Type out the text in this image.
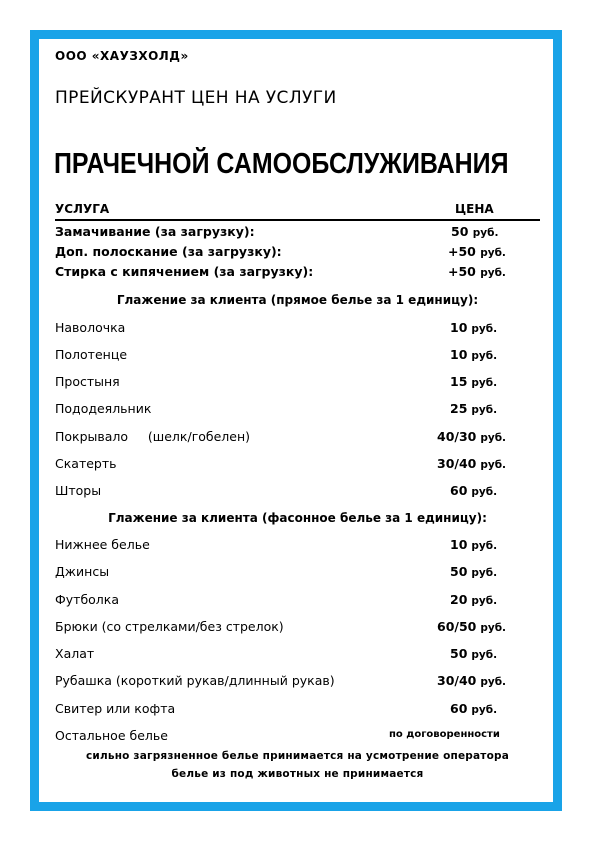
ООО «ХАУЗХОЛД»
ПРЕЙСКУРАНТ ЦЕН НА УСЛУГИ
ПРАЧЕЧНОЙ САМООБСЛУЖИВАНИЯ
УСЛУГА	ЦЕНА
Замачивание (за загрузку):	50 руб.
Доп. полоскание (за загрузку):	+50 руб.
Стирка с кипячением (за загрузку):	+50 руб.
Глажение за клиента (прямое белье за 1 единицу):
Наволочка	10 руб.
Полотенце	10 руб.
Простыня	15 руб.
Пододеяльник	25 руб.
Покрывало     (шелк/гобелен)	40/30 руб.
Скатерть	30/40 руб.
Шторы	60 руб.
Глажение за клиента (фасонное белье за 1 единицу):
Нижнее белье	10 руб.
Джинсы	50 руб.
Футболка	20 руб.
Брюки (со стрелками/без стрелок)	60/50 руб.
Халат	50 руб.
Рубашка (короткий рукав/длинный рукав)	30/40 руб.
Свитер или кофта	60 руб.
Остальное белье	по договоренности
сильно загрязненное белье принимается на усмотрение оператора
белье из под животных не принимается
